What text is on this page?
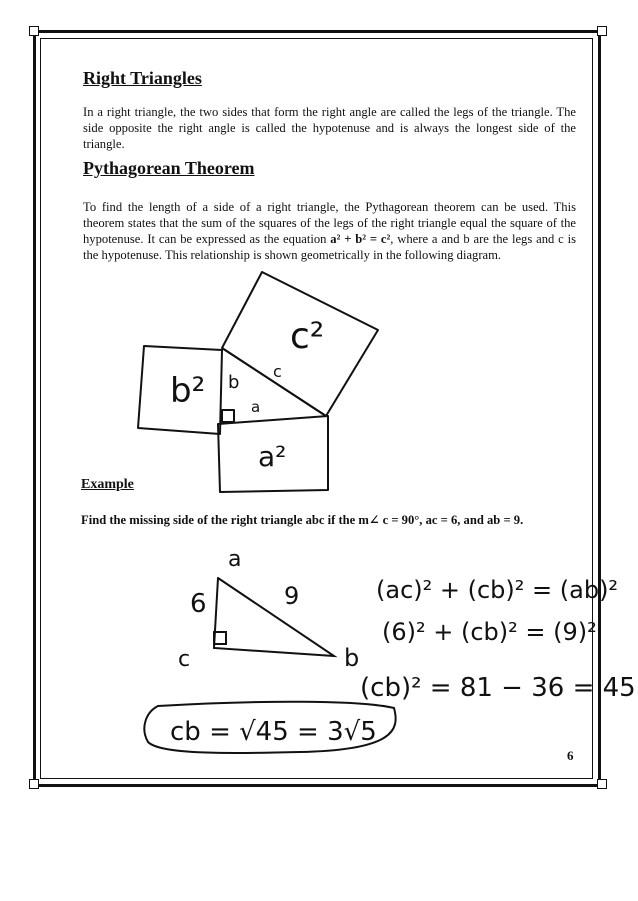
Right Triangles

In a right triangle, the two sides that form the right angle are called the legs of the triangle. The side opposite the right angle is called the hypotenuse and is always the longest side of the triangle.

Pythagorean Theorem

To find the length of a side of a right triangle, the Pythagorean theorem can be used. This theorem states that the sum of the squares of the legs of the right triangle equal the square of the hypotenuse. It can be expressed as the equation a² + b² = c², where a and b are the legs and c is the hypotenuse. This relationship is shown geometrically in the following diagram.

c²
b²
a²
b
c
a
Example

Find the missing side of the right triangle abc if the m∠ c = 90°, ac = 6, and ab = 9.

a
b
c
6	9	(ac)² + (cb)² = (ab)²
(6)² + (cb)² = (9)²
(cb)² = 81 − 36 = 45
cb = √45 = 3√5
6
